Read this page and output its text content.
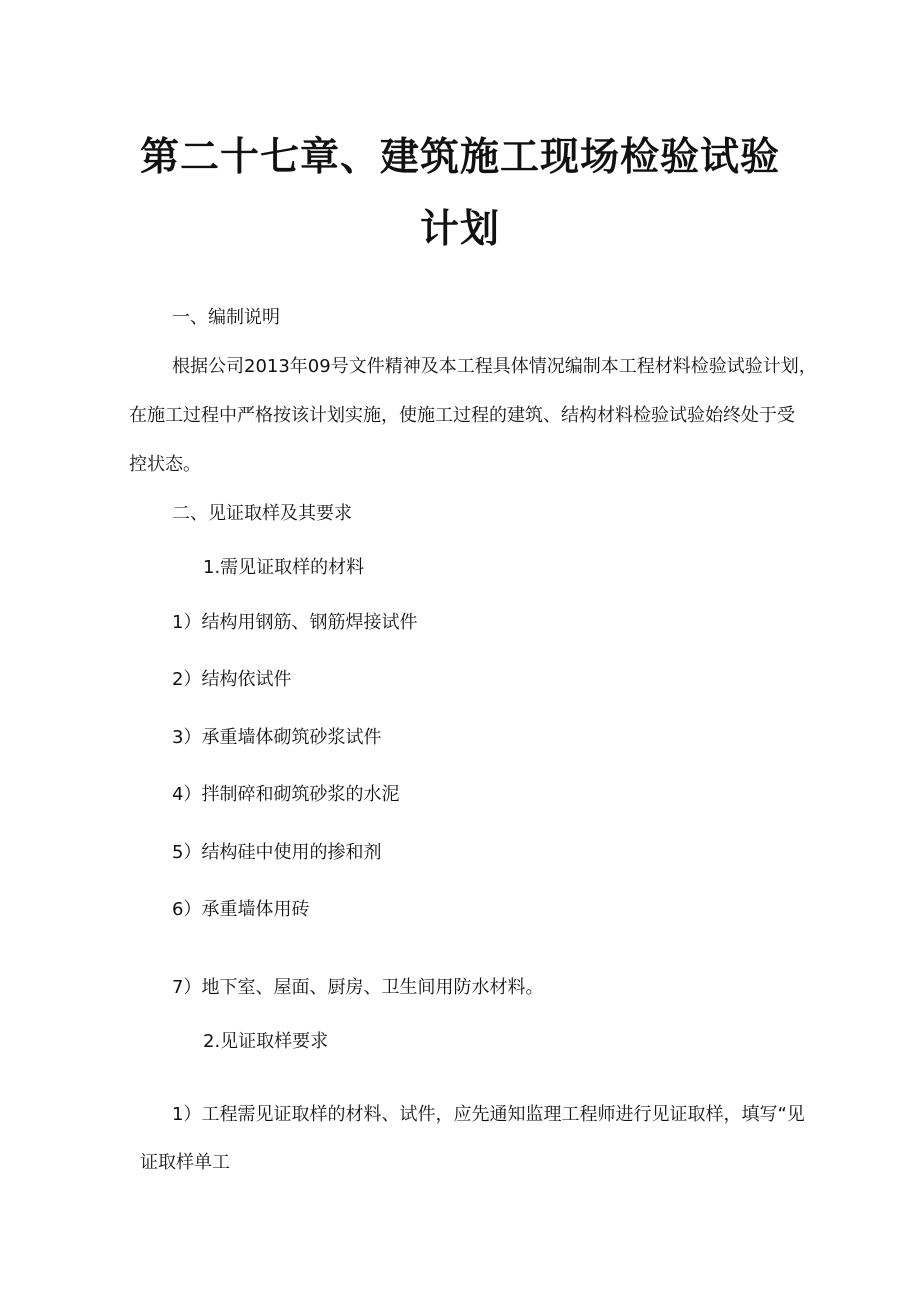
第二十七章、建筑施工现场检验试验
计划
一、编制说明
根据公司2013年09号文件精神及本工程具体情况编制本工程材料检验试验计划，
在施工过程中严格按该计划实施，使施工过程的建筑、结构材料检验试验始终处于受
控状态。
二、见证取样及其要求
1.需见证取样的材料
1）结构用钢筋、钢筋焊接试件
2）结构依试件
3）承重墙体砌筑砂浆试件
4）拌制碎和砌筑砂浆的水泥
5）结构硅中使用的掺和剂
6）承重墙体用砖
7）地下室、屋面、厨房、卫生间用防水材料。
2.见证取样要求
1）工程需见证取样的材料、试件，应先通知监理工程师进行见证取样，填写“见
证取样单工
